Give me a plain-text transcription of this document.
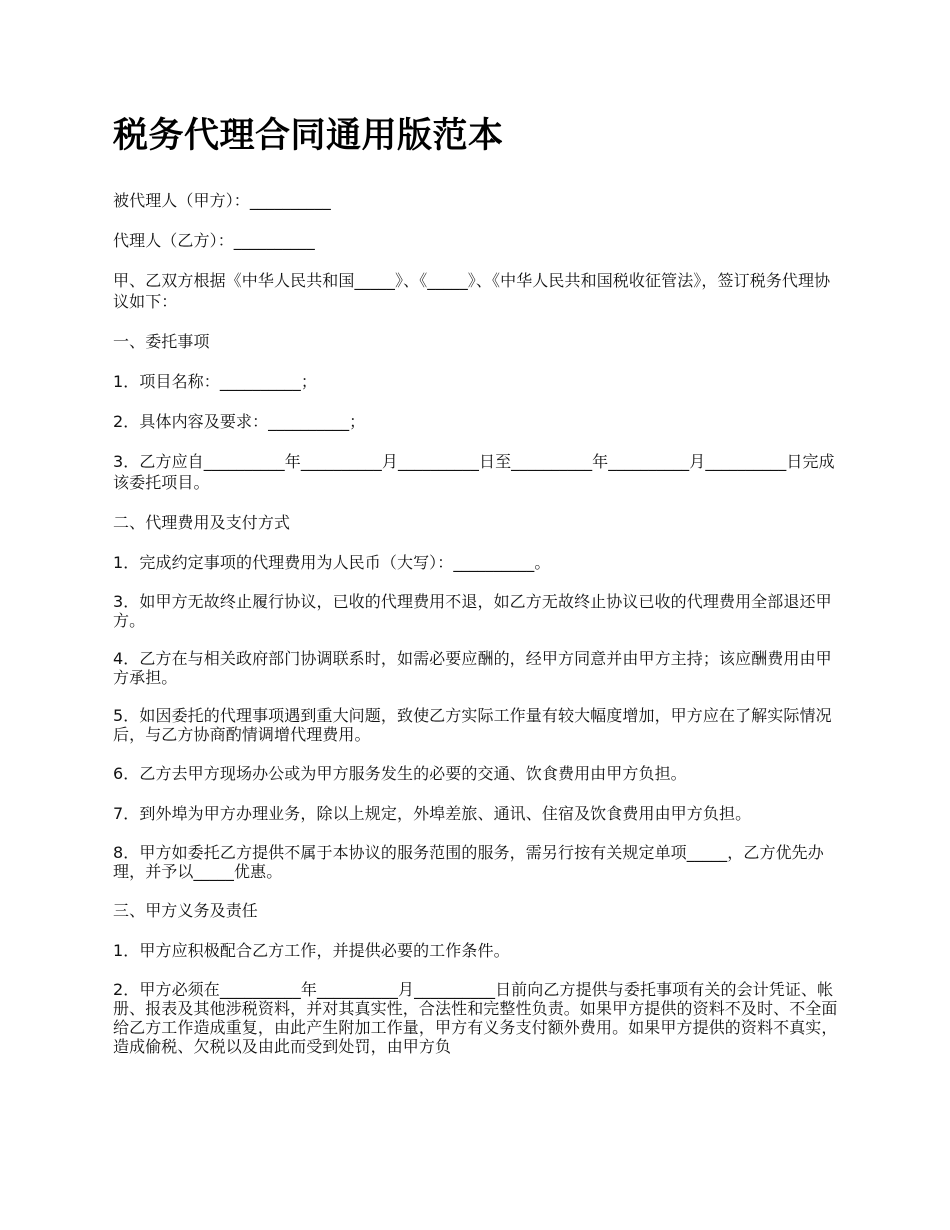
税务代理合同通用版范本
被代理人（甲方）：__________
代理人（乙方）：__________
甲、乙双方根据《中华人民共和国_____》、《_____》、《中华人民共和国税收征管法》，签订税务代理协议如下：
一、委托事项
1．项目名称：__________；
2．具体内容及要求：__________；
3．乙方应自__________年__________月__________日至__________年__________月__________日完成该委托项目。
二、代理费用及支付方式
1．完成约定事项的代理费用为人民币（大写）：__________。
3．如甲方无故终止履行协议，已收的代理费用不退，如乙方无故终止协议已收的代理费用全部退还甲方。
4．乙方在与相关政府部门协调联系时，如需必要应酬的，经甲方同意并由甲方主持；该应酬费用由甲方承担。
5．如因委托的代理事项遇到重大问题，致使乙方实际工作量有较大幅度增加，甲方应在了解实际情况后，与乙方协商酌情调增代理费用。
6．乙方去甲方现场办公或为甲方服务发生的必要的交通、饮食费用由甲方负担。
7．到外埠为甲方办理业务，除以上规定，外埠差旅、通讯、住宿及饮食费用由甲方负担。
8．甲方如委托乙方提供不属于本协议的服务范围的服务，需另行按有关规定单项_____，乙方优先办理，并予以_____优惠。
三、甲方义务及责任
1．甲方应积极配合乙方工作，并提供必要的工作条件。
2．甲方必须在__________年__________月__________日前向乙方提供与委托事项有关的会计凭证、帐册、报表及其他涉税资料，并对其真实性，合法性和完整性负责。如果甲方提供的资料不及时、不全面给乙方工作造成重复，由此产生附加工作量，甲方有义务支付额外费用。如果甲方提供的资料不真实，造成偷税、欠税以及由此而受到处罚，由甲方负
